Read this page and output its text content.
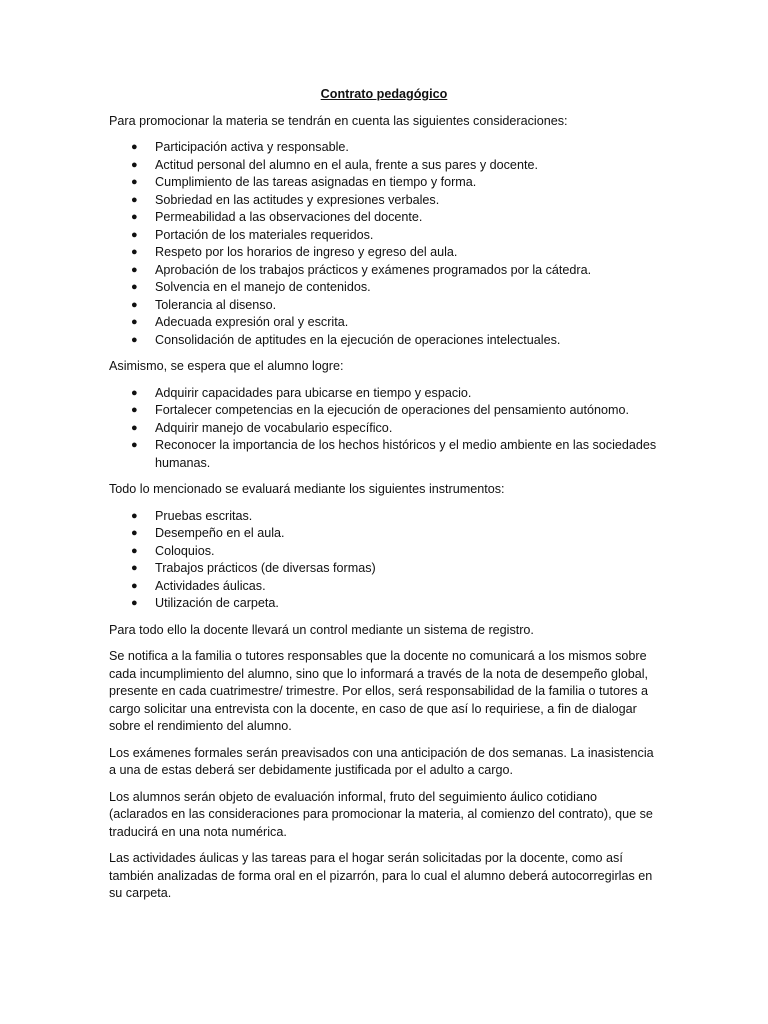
Contrato pedagógico

Para promocionar la materia se tendrán en cuenta las siguientes consideraciones:

● Participación activa y responsable.
● Actitud personal del alumno en el aula, frente a sus pares y docente.
● Cumplimiento de las tareas asignadas en tiempo y forma.
● Sobriedad en las actitudes y expresiones verbales.
● Permeabilidad a las observaciones del docente.
● Portación de los materiales requeridos.
● Respeto por los horarios de ingreso y egreso del aula.
● Aprobación de los trabajos prácticos y exámenes programados por la cátedra.
● Solvencia en el manejo de contenidos.
● Tolerancia al disenso.
● Adecuada expresión oral y escrita.
● Consolidación de aptitudes en la ejecución de operaciones intelectuales.

Asimismo, se espera que el alumno logre:

● Adquirir capacidades para ubicarse en tiempo y espacio.
● Fortalecer competencias en la ejecución de operaciones del pensamiento autónomo.
● Adquirir manejo de vocabulario específico.
● Reconocer la importancia de los hechos históricos y el medio ambiente en las sociedades humanas.

Todo lo mencionado se evaluará mediante los siguientes instrumentos:

● Pruebas escritas.
● Desempeño en el aula.
● Coloquios.
● Trabajos prácticos (de diversas formas)
● Actividades áulicas.
● Utilización de carpeta.

Para todo ello la docente llevará un control mediante un sistema de registro.

Se notifica a la familia o tutores responsables que la docente no comunicará a los mismos sobre cada incumplimiento del alumno, sino que lo informará a través de la nota de desempeño global, presente en cada cuatrimestre/ trimestre. Por ellos, será responsabilidad de la familia o tutores a cargo solicitar una entrevista con la docente, en caso de que así lo requiriese, a fin de dialogar sobre el rendimiento del alumno.

Los exámenes formales serán preavisados con una anticipación de dos semanas. La inasistencia a una de estas deberá ser debidamente justificada por el adulto a cargo.

Los alumnos serán objeto de evaluación informal, fruto del seguimiento áulico cotidiano (aclarados en las consideraciones para promocionar la materia, al comienzo del contrato), que se traducirá en una nota numérica.

Las actividades áulicas y las tareas para el hogar serán solicitadas por la docente, como así también analizadas de forma oral en el pizarrón, para lo cual el alumno deberá autocorregirlas en su carpeta.
